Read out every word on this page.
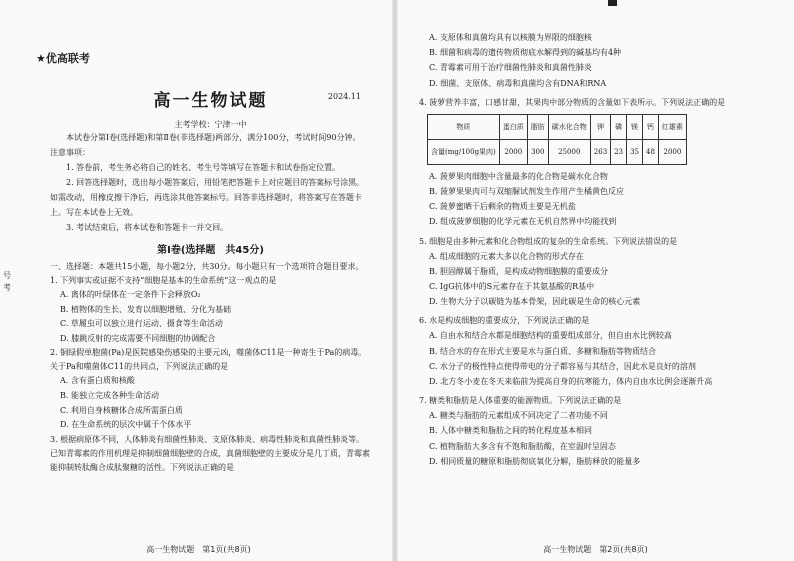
号考
★优高联考
高一生物试题	2024.11
主考学校：宁津一中

本试卷分第Ⅰ卷(选择题)和第Ⅱ卷(非选择题)两部分，满分100分，考试时间90分钟。

注意事项：

1. 答卷前，考生务必将自己的姓名、考生号等填写在答题卡和试卷指定位置。

2. 回答选择题时，选出每小题答案后，用铅笔把答题卡上对应题目的答案标号涂黑。如需改动，用橡皮擦干净后，再选涂其他答案标号。回答非选择题时，将答案写在答题卡上。写在本试卷上无效。

3. 考试结束后，将本试卷和答题卡一并交回。

第Ⅰ卷(选择题　共45分)

一、选择题：本题共15小题，每小题2分，共30分。每小题只有一个选项符合题目要求。

1. 下列事实或证据不支持“细胞是基本的生命系统”这一观点的是

A. 离体的叶绿体在一定条件下会释放O₂

B. 植物体的生长、发育以细胞增殖、分化为基础

C. 草履虫可以独立进行运动、摄食等生命活动

D. 膝跳反射的完成需要不同细胞的协调配合

2. 铜绿假单胞菌(Pa)是医院感染伤感染的主要元凶，噬菌体C11是一种寄生于Pa的病毒。关于Pa和噬菌体C11的共同点，下列说法正确的是

A. 含有蛋白质和核酸

B. 能独立完成各种生命活动

C. 利用自身核糖体合成所需蛋白质

D. 在生命系统的层次中属于个体水平

3. 根据病原体不同，人体肺炎有细菌性肺炎、支原体肺炎、病毒性肺炎和真菌性肺炎等。已知青霉素的作用机理是抑制细菌细胞壁的合成，真菌细胞壁的主要成分是几丁质，青霉素能抑制转肽酶合成肽聚糖的活性。下列说法正确的是

高一生物试题　第1页(共8页)

A. 支原体和真菌均具有以核膜为界限的细胞核

B. 细菌和病毒的遗传物质彻底水解得到的碱基均有4种

C. 青霉素可用于治疗细菌性肺炎和真菌性肺炎

D. 细菌、支原体、病毒和真菌均含有DNA和RNA

4. 菠萝营养丰富，口感甘甜，其果肉中部分物质的含量如下表所示。下列说法正确的是

物质	蛋白质	脂肪	碳水化合物	钾	磷	镁	钙	红雄素
含量(mg/100g果肉)	2000	300	25000	263	23	35	48	2000

A. 菠萝果肉细胞中含量最多的化合物是碳水化合物

B. 菠萝果果肉可与双缩脲试剂发生作用产生橘黄色反应

C. 菠萝蜜晒干后剩余的物质主要是无机盐

D. 组成菠萝细胞的化学元素在无机自然界中均能找到

5. 细胞是由多种元素和化合物组成的复杂的生命系统。下列说法错误的是

A. 组成细胞的元素大多以化合物的形式存在

B. 胆固醇属于脂质，是构成动物细胞膜的重要成分

C. IgG抗体中的S元素存在于其氨基酸的R基中

D. 生物大分子以碳链为基本骨架，因此碳是生命的核心元素

6. 水是构成细胞的重要成分，下列说法正确的是

A. 自由水和结合水都是细胞结构的重要组成部分，但自由水比例较高

B. 结合水的存在形式主要是水与蛋白质、多糖和脂肪等物质结合

C. 水分子的极性特点使得带电的分子都容易与其结合，因此水是良好的溶剂

D. 北方冬小麦在冬天来临前为提高自身的抗寒能力，体内自由水比例会逐渐升高

7. 糖类和脂肪是人体重要的能源物质。下列说法正确的是

A. 糖类与脂肪的元素组成不同决定了二者功能不同

B. 人体中糖类和脂肪之间的转化程度基本相同

C. 植物脂肪大多含有不饱和脂肪酸，在室温时呈固态

D. 相同质量的糖原和脂肪彻底氧化分解，脂肪释放的能量多

高一生物试题　第2页(共8页)
